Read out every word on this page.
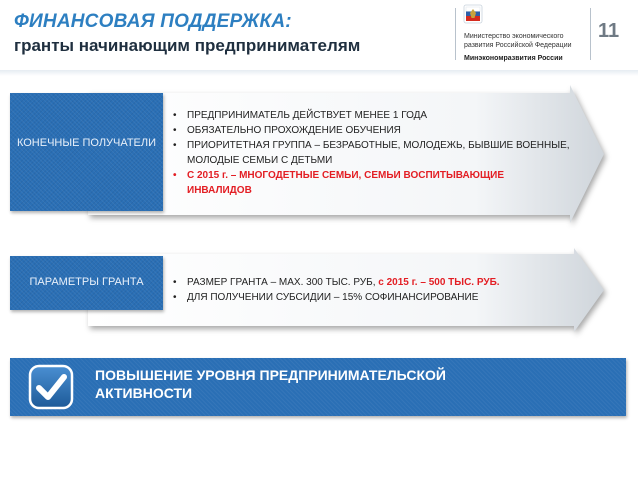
ФИНАНСОВАЯ ПОДДЕРЖКА:
гранты начинающим предпринимателям	Министерство экономического развития Российской Федерации
Минэкономразвития России
11
КОНЕЧНЫЕ ПОЛУЧАТЕЛИ
• ПРЕДПРИНИМАТЕЛЬ ДЕЙСТВУЕТ МЕНЕЕ 1 ГОДА
• ОБЯЗАТЕЛЬНО ПРОХОЖДЕНИЕ ОБУЧЕНИЯ
• ПРИОРИТЕТНАЯ ГРУППА – БЕЗРАБОТНЫЕ, МОЛОДЕЖЬ, БЫВШИЕ ВОЕННЫЕ, МОЛОДЫЕ СЕМЬИ С ДЕТЬМИ
• С 2015 г. – МНОГОДЕТНЫЕ СЕМЬИ, СЕМЬИ ВОСПИТЫВАЮЩИЕ ИНВАЛИДОВ
ПАРАМЕТРЫ ГРАНТА
•	РАЗМЕР ГРАНТА – MAX. 300 ТЫС. РУБ, с 2015 г. – 500 ТЫС. РУБ.
• ДЛЯ ПОЛУЧЕНИИ СУБСИДИИ – 15% СОФИНАНСИРОВАНИЕ
ПОВЫШЕНИЕ УРОВНЯ ПРЕДПРИНИМАТЕЛЬСКОЙ АКТИВНОСТИ
